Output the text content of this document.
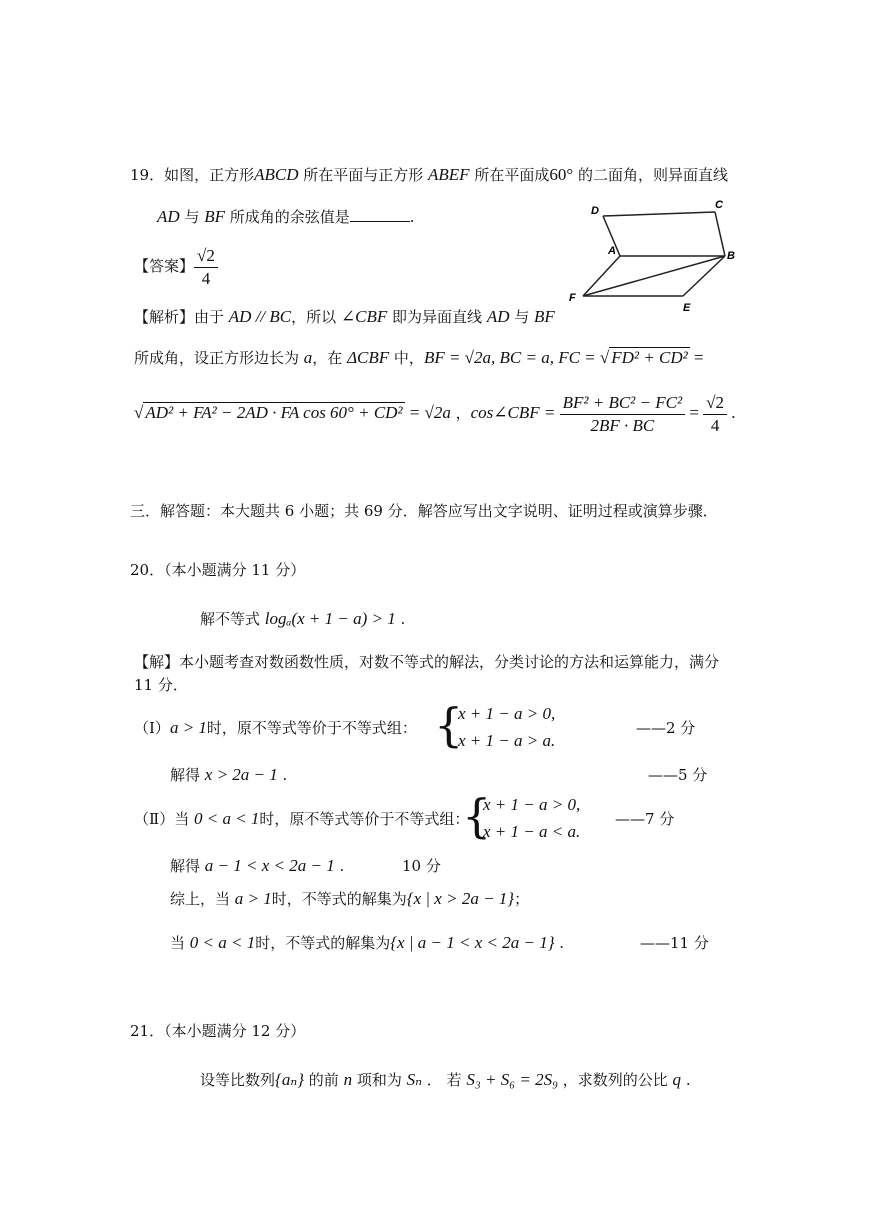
19．如图，正方形ABCD 所在平面与正方形 ABEF 所在平面成60° 的二面角，则异面直线
AD 与 BF 所成角的余弦值是	.
【答案】 $\frac{√2}{4}$
D	C
A	B
F
E
【解析】由于 AD // BC，所以 ∠CBF 即为异面直线 AD 与 BF
所成角，设正方形边长为 a，在 ΔCBF 中，BF = √2a, BC = a, FC = √ FD² + CD² =
√ AD² + FA² − 2AD · FA cos 60° + CD² = √2a ，cos∠CBF = $\frac{\text{BF² + BC² − FC²}}{2BF \cdot BC} = \frac{√2}{4}$ .
三．解答题：本大题共 6 小题；共 69 分．解答应写出文字说明、证明过程或演算步骤．
20．（本小题满分 11 分）
解不等式 logₐ(x + 1 − a) > 1 .
【解】本小题考查对数函数性质，对数不等式的解法，分类讨论的方法和运算能力，满分
11 分．
（Ⅰ）a > 1时，原不等式等价于不等式组： {
x + 1 − a > 0,
x + 1 − a > a.
——2 分
解得 x > 2a − 1 .	——5 分
（Ⅱ）当 0 < a < 1时，原不等式等价于不等式组：
{
x + 1 − a > 0,
x + 1 − a < a.
——7 分
解得 a − 1 < x < 2a − 1 .	10 分
综上，当 a > 1时，不等式的解集为{x | x > 2a − 1}；
当 0 < a < 1时，不等式的解集为{x | a − 1 < x < 2a − 1} .	——11 分
21．（本小题满分 12 分）
设等比数列{aₙ} 的前 n 项和为 Sₙ ． 若 S₃ + S₆ = 2S₉ ，求数列的公比 q .
